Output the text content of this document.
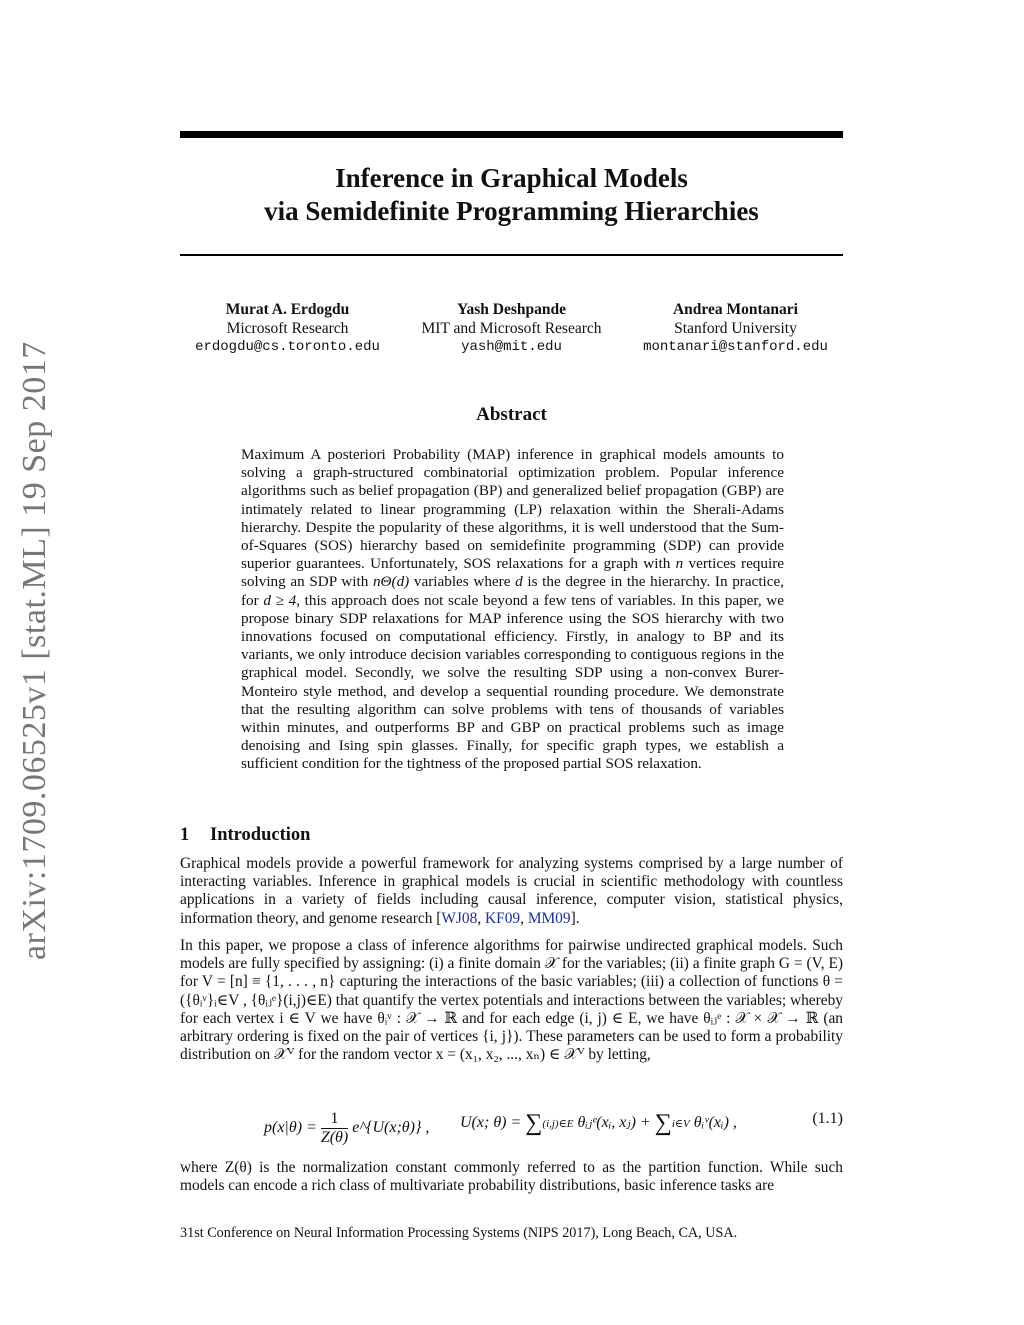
arXiv:1709.06525v1 [stat.ML] 19 Sep 2017
Inference in Graphical Models
via Semidefinite Programming Hierarchies
Murat A. Erdogdu
Microsoft Research
erdogdu@cs.toronto.edu
Yash Deshpande
MIT and Microsoft Research
yash@mit.edu
Andrea Montanari
Stanford University
montanari@stanford.edu
Abstract
Maximum A posteriori Probability (MAP) inference in graphical models amounts to solving a graph-structured combinatorial optimization problem. Popular inference algorithms such as belief propagation (BP) and generalized belief propagation (GBP) are intimately related to linear programming (LP) relaxation within the Sherali-Adams hierarchy. Despite the popularity of these algorithms, it is well understood that the Sum-of-Squares (SOS) hierarchy based on semidefinite programming (SDP) can provide superior guarantees. Unfortunately, SOS relaxations for a graph with n vertices require solving an SDP with nΘ(d) variables where d is the degree in the hierarchy. In practice, for d ≥ 4, this approach does not scale beyond a few tens of variables. In this paper, we propose binary SDP relaxations for MAP inference using the SOS hierarchy with two innovations focused on computational efficiency. Firstly, in analogy to BP and its variants, we only introduce decision variables corresponding to contiguous regions in the graphical model. Secondly, we solve the resulting SDP using a non-convex Burer-Monteiro style method, and develop a sequential rounding procedure. We demonstrate that the resulting algorithm can solve problems with tens of thousands of variables within minutes, and outperforms BP and GBP on practical problems such as image denoising and Ising spin glasses. Finally, for specific graph types, we establish a sufficient condition for the tightness of the proposed partial SOS relaxation.
1 Introduction
Graphical models provide a powerful framework for analyzing systems comprised by a large number of interacting variables. Inference in graphical models is crucial in scientific methodology with countless applications in a variety of fields including causal inference, computer vision, statistical physics, information theory, and genome research [WJ08, KF09, MM09].
In this paper, we propose a class of inference algorithms for pairwise undirected graphical models. Such models are fully specified by assigning: (i) a finite domain 𝒳 for the variables; (ii) a finite graph G = (V, E) for V = [n] ≡ {1, . . . , n} capturing the interactions of the basic variables; (iii) a collection of functions θ = ({θᵢᵛ}ᵢ∈V , {θᵢⱼᵉ}(i,j)∈E) that quantify the vertex potentials and interactions between the variables; whereby for each vertex i ∈ V we have θᵢᵛ : 𝒳 → ℝ and for each edge (i, j) ∈ E, we have θᵢⱼᵉ : 𝒳 × 𝒳 → ℝ (an arbitrary ordering is fixed on the pair of vertices {i, j}). These parameters can be used to form a probability distribution on 𝒳ⱽ for the random vector x = (x₁, x₂, ..., xₙ) ∈ 𝒳ⱽ by letting,
$p(x|\theta) = \frac{1}{Z(\theta)}$ e^{U(x;θ)} , U(x; θ) = ∑(i,j)∈E θᵢⱼᵉ(xᵢ, xⱼ) + ∑i∈V θᵢᵛ(xᵢ) ,	(1.1)
where Z(θ) is the normalization constant commonly referred to as the partition function. While such models can encode a rich class of multivariate probability distributions, basic inference tasks are
31st Conference on Neural Information Processing Systems (NIPS 2017), Long Beach, CA, USA.
